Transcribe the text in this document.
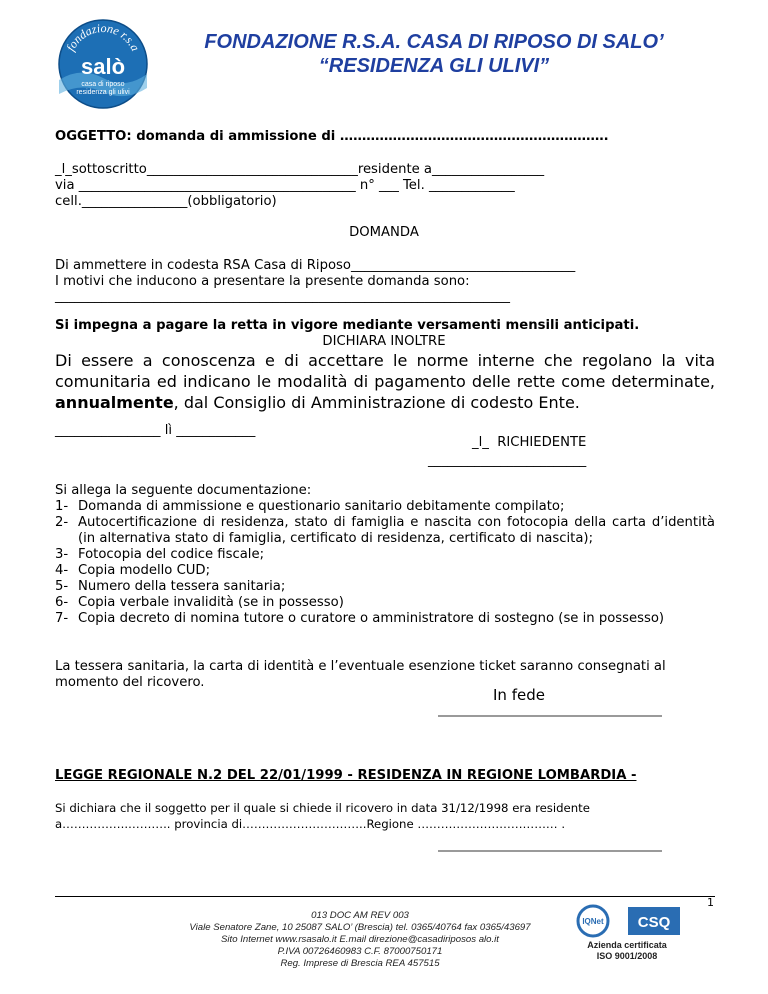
fondazione r.s.a
salò
casa di riposo
residenza gli ulivi
FONDAZIONE R.S.A. CASA DI RIPOSO DI SALO’
“RESIDENZA GLI ULIVI”
OGGETTO: domanda di ammissione di …………………………………………………….
_l_sottoscritto________________________________residente a_________________
via __________________________________________ n° ___ Tel. _____________
cell.________________(obbligatorio)
DOMANDA
Di ammettere in codesta RSA Casa di Riposo__________________________________
I motivi che inducono a presentare la presente domanda sono:
_____________________________________________________________________
Si impegna a pagare la retta in vigore mediante versamenti mensili anticipati.
DICHIARA INOLTRE
Di essere a conoscenza e di accettare le norme interne che regolano la vita comunitaria ed indicano le modalità di pagamento delle rette come determinate, annualmente, dal Consiglio di Amministrazione di codesto Ente.
________________ lì ____________
_l_  RICHIEDENTE
________________________
Si allega la seguente documentazione:
1- Domanda di ammissione e questionario sanitario debitamente compilato;
2- Autocertificazione di residenza, stato di famiglia e nascita con fotocopia della carta d’identità (in alternativa stato di famiglia, certificato di residenza, certificato di nascita);
3- Fotocopia del codice fiscale;
4- Copia modello CUD;
5- Numero della tessera sanitaria;
6- Copia verbale invalidità (se in possesso)
7- Copia decreto di nomina tutore o curatore o amministratore di sostegno (se in possesso)
La tessera sanitaria, la carta di identità e l’eventuale esenzione ticket saranno consegnati al momento del ricovero.
In fede
LEGGE REGIONALE N.2 DEL 22/01/1999 - RESIDENZA IN REGIONE LOMBARDIA -
Si dichiara che il soggetto per il quale si chiede il ricovero in data 31/12/1998 era residente
a……………..……….. provincia di…………………………..Regione ……………………………… .
1
013 DOC AM REV 003
Viale Senatore Zane, 10 25087 SALO’ (Brescia) tel. 0365/40764 fax 0365/43697
Sito Internet www.rsasalo.it E.mail direzione@casadiriposos alo.it
P.IVA 00726460983 C.F. 87000750171
Reg. Imprese di Brescia REA 457515
IQNet CSQ
Azienda certificata
ISO 9001/2008
